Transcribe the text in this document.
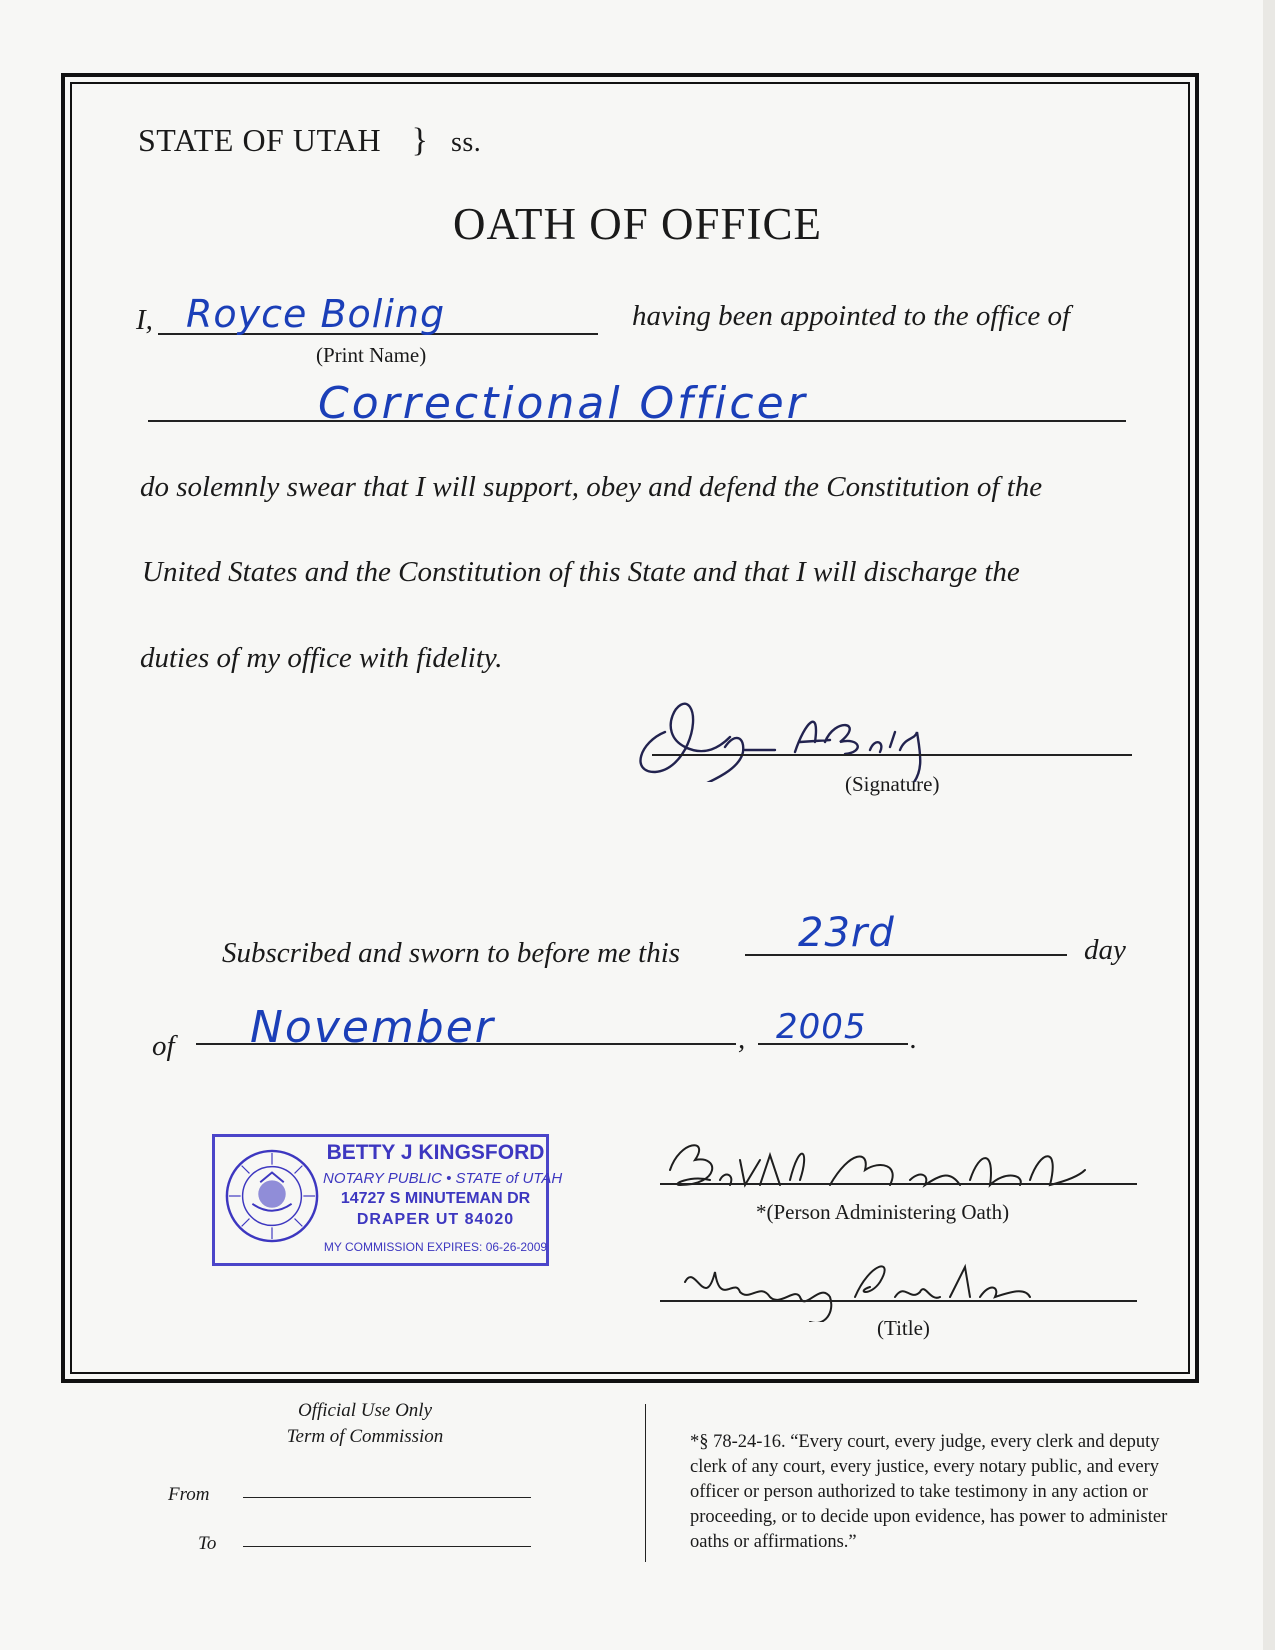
STATE OF UTAH } ss.
OATH OF OFFICE
I, Royce Boling
(Print Name)
having been appointed to the office of
Correctional Officer
do solemnly swear that I will support, obey and defend the Constitution of the
United States and the Constitution of this State and that I will discharge the
duties of my office with fidelity.
(Signature)
Subscribed and sworn to before me this	23rd	day
of November	, 2005 .
BETTY J KINGSFORD
NOTARY PUBLIC • STATE of UTAH
14727 S MINUTEMAN DR
DRAPER UT 84020
MY COMMISSION EXPIRES: 06-26-2009
*(Person Administering Oath)
(Title)
Official Use Only
Term of Commission
From
To
*§ 78-24-16. “Every court, every judge, every clerk and deputy clerk of any court, every justice, every notary public, and every officer or person authorized to take testimony in any action or proceeding, or to decide upon evidence, has power to administer oaths or affirmations.”
